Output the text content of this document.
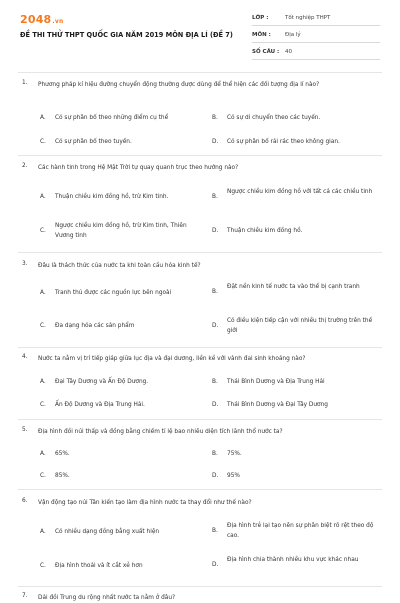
2048.vn
ĐỀ THI THỬ THPT QUỐC GIA NĂM 2019 MÔN ĐỊA LÍ (ĐỀ 7)
LỚP :	Tốt nghiệp THPT
MÔN :	Địa lý
SỐ CÂU : 40
1. Phương pháp kí hiệu đường chuyển động thường được dùng để thể hiện các đối tượng địa lí nào?
A. Có sự phân bố theo những điểm cụ thể	B. Có sự di chuyển theo các tuyến.
C. Có sự phân bố theo tuyến.	D. Có sự phân bố rải rác theo không gian.
2. Các hành tinh trong Hệ Mặt Trời tự quay quanh trục theo hướng nào?
A. Thuận chiều kim đồng hồ, trừ Kim tinh.	B.
Ngược chiều kim đồng hồ với tất cả các chiều tinh
C.
Ngược chiều kim đồng hồ, trừ Kim tinh, Thiên Vương tinh
D. Thuận chiều kim đồng hồ.
3. Đâu là thách thức của nước ta khi toàn cầu hóa kinh tế?
A. Tranh thủ được các nguồn lực bên ngoài	B.
Đặt nền kinh tế nước ta vào thế bị cạnh tranh
C. Đa dạng hóa các sản phẩm	D.
Có điều kiện tiếp cận với nhiều thị trường trên thế giới
4. Nước ta nằm vị trí tiếp giáp giữa lục địa và đại dương, liền kề với vành đai sinh khoáng nào?
A. Đại Tây Dương và Ấn Độ Dương.	B. Thái Bình Dương và Địa Trung Hải
C. Ấn Độ Dương và Địa Trung Hải.	D. Thái Bình Dương và Đại Tây Dương
5. Địa hình đồi núi thấp và đồng bằng chiếm tỉ lệ bao nhiêu diện tích lãnh thổ nước ta?
A. 65%.	B. 75%.
C. 85%.	D. 95%
6. Vận động tạo núi Tân kiến tạo làm địa hình nước ta thay đổi như thế nào?
A. Có nhiều dạng đồng bằng xuất hiện	B.
Địa hình trẻ lại tạo nên sự phân biệt rõ rệt theo độ cao.
C. Địa hình thoải và ít cắt xẻ hơn	D.
Địa hình chia thành nhiều khu vực khác nhau
7. Dải đồi Trung du rộng nhất nước ta nằm ở đâu?
